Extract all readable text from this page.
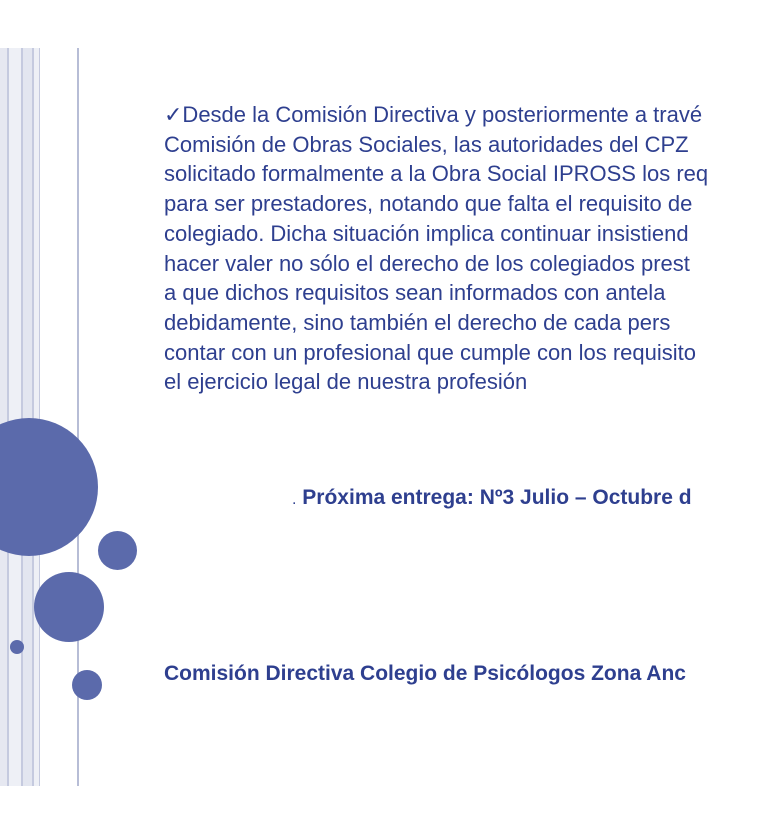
✓Desde la Comisión Directiva y posteriormente a travé
Comisión de Obras Sociales, las autoridades del CPZ
solicitado formalmente a la Obra Social IPROSS los req
para ser prestadores, notando que falta el requisito de
colegiado. Dicha situación implica continuar insistiend
hacer valer no sólo el derecho de los colegiados prest
a que dichos requisitos sean informados con antela
debidamente, sino también el derecho de cada pers
contar con un profesional que cumple con los requisito
el ejercicio legal de nuestra profesión
. Próxima entrega: Nº3 Julio – Octubre d
Comisión Directiva Colegio de Psicólogos Zona Anc
